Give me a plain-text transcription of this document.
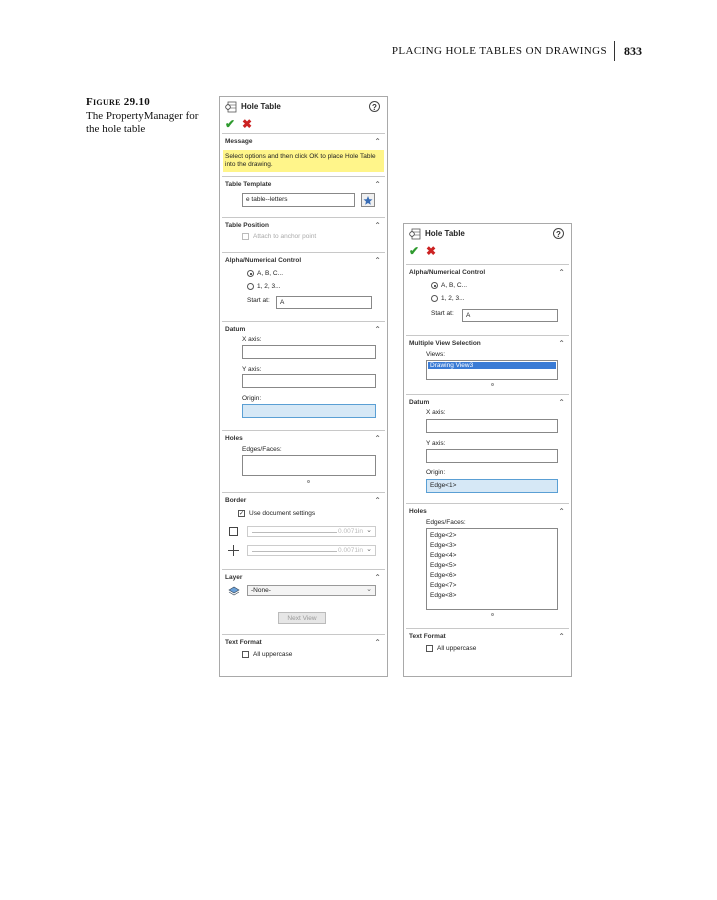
PLACING HOLE TABLES ON DRAWINGS 833
Figure 29.10
The PropertyManager for the hole table
Hole Table	?
✔ ✖
Message	⌃
Select options and then click OK to place Hole Table into the drawing.
Table Template	⌃
e table--letters
Table Position	⌃
Attach to anchor point
Alpha/Numerical Control	⌃
A, B, C...
1, 2, 3...
Start at:	A
Datum	⌃
X axis:
Y axis:
Origin:
Holes	⌃
Edges/Faces:
Border	⌃
✓ Use document settings
0.0071in ⌄
0.0071in ⌄
Layer	⌃
-None-	⌄
Next View
Text Format	⌃
All uppercase
Hole Table	?
✔ ✖
Alpha/Numerical Control	⌃
A, B, C...
1, 2, 3...
Start at:	A
Multiple View Selection	⌃
Views:
Drawing View3
Datum	⌃
X axis:
Y axis:
Origin:
Edge<1>
Holes	⌃
Edges/Faces:
Edge<2>
Edge<3>
Edge<4>
Edge<5>
Edge<6>
Edge<7>
Edge<8>
Text Format	⌃
All uppercase
